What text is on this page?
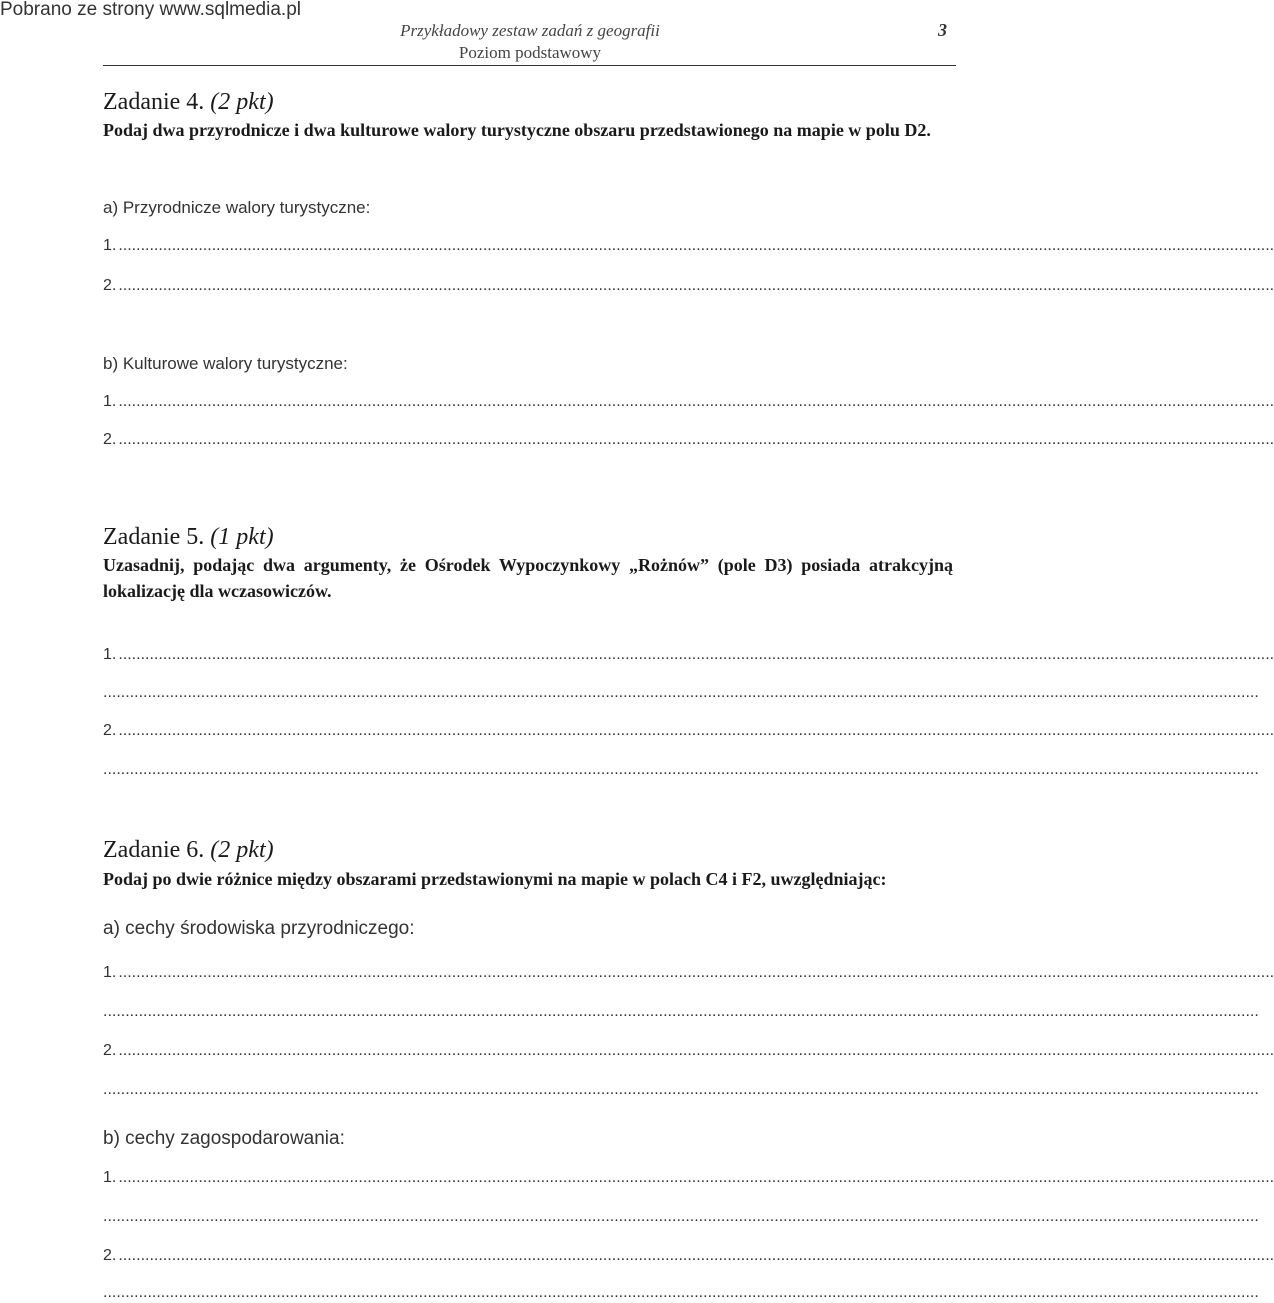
Pobrano ze strony www.sqlmedia.pl
Przykładowy zestaw zadań z geografii
Poziom podstawowy
3
Zadanie 4. (2 pkt)
Podaj dwa przyrodnicze i dwa kulturowe walory turystyczne obszaru przedstawionego na mapie w polu D2.
a) Przyrodnicze walory turystyczne:
1. ....................................................................................................................................................................................................................................................................
2. ....................................................................................................................................................................................................................................................................
b) Kulturowe walory turystyczne:
1. ....................................................................................................................................................................................................................................................................
2. ....................................................................................................................................................................................................................................................................
Zadanie 5. (1 pkt)
Uzasadnij, podając dwa argumenty, że Ośrodek Wypoczynkowy „Rożnów” (pole D3) posiada atrakcyjną lokalizację dla wczasowiczów.
1. ....................................................................................................................................................................................................................................................................
....................................................................................................................................................................................................................................................................
2. ....................................................................................................................................................................................................................................................................
....................................................................................................................................................................................................................................................................
Zadanie 6. (2 pkt)
Podaj po dwie różnice między obszarami przedstawionymi na mapie w polach C4 i F2, uwzględniając:
a) cechy środowiska przyrodniczego:
1. ....................................................................................................................................................................................................................................................................
....................................................................................................................................................................................................................................................................
2. ....................................................................................................................................................................................................................................................................
....................................................................................................................................................................................................................................................................
b) cechy zagospodarowania:
1. ....................................................................................................................................................................................................................................................................
....................................................................................................................................................................................................................................................................
2. ....................................................................................................................................................................................................................................................................
....................................................................................................................................................................................................................................................................
